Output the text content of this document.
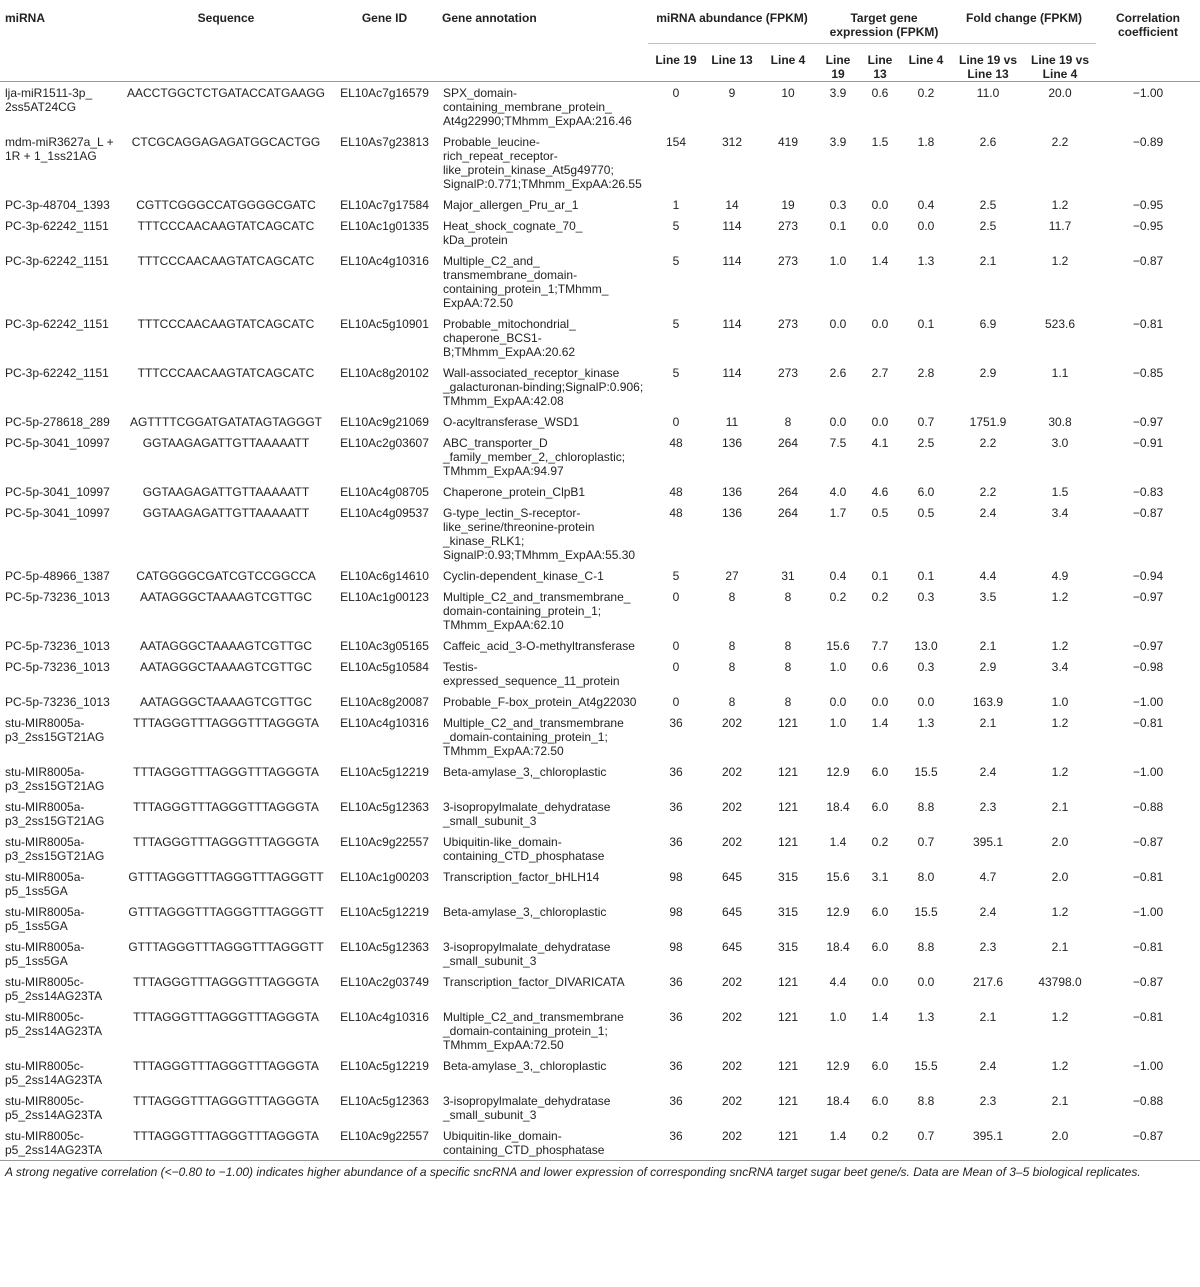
miRNA	Sequence	Gene ID	Gene annotation	miRNA abundance (FPKM)			Target gene expression (FPKM)			Fold change (FPKM)		Correlation coefficient
				Line 19	Line 13	Line 4	Line 19	Line 13	Line 4	Line 19 vs Line 13	Line 19 vs Line 4	
lja-miR1511-3p_ 2ss5AT24CG	AACCTGGCTCTGATACCATGAAGG	EL10Ac7g16579	SPX_domain-containing_membrane_protein_ At4g22990;TMhmm_ExpAA:216.46	0	9	10	3.9	0.6	0.2	11.0	20.0	−1.00
mdm-miR3627a_L + 1R + 1_1ss21AG	CTCGCAGGAGAGATGGCACTGG	EL10As7g23813	Probable_leucine-rich_repeat_receptor-like_protein_kinase_At5g49770; SignalP:0.771;TMhmm_ExpAA:26.55	154	312	419	3.9	1.5	1.8	2.6	2.2	−0.89
PC-3p-48704_1393	CGTTCGGGCCATGGGGCGATC	EL10Ac7g17584	Major_allergen_Pru_ar_1	1	14	19	0.3	0.0	0.4	2.5	1.2	−0.95
PC-3p-62242_1151	TTTCCCAACAAGTATCAGCATC	EL10Ac1g01335	Heat_shock_cognate_70_ kDa_protein	5	114	273	0.1	0.0	0.0	2.5	11.7	−0.95
PC-3p-62242_1151	TTTCCCAACAAGTATCAGCATC	EL10Ac4g10316	Multiple_C2_and_ transmembrane_domain-containing_protein_1;TMhmm_ ExpAA:72.50	5	114	273	1.0	1.4	1.3	2.1	1.2	−0.87
PC-3p-62242_1151	TTTCCCAACAAGTATCAGCATC	EL10Ac5g10901	Probable_mitochondrial_ chaperone_BCS1-B;TMhmm_ExpAA:20.62	5	114	273	0.0	0.0	0.1	6.9	523.6	−0.81
PC-3p-62242_1151	TTTCCCAACAAGTATCAGCATC	EL10Ac8g20102	Wall-associated_receptor_kinase _galacturonan-binding;SignalP:0.906; TMhmm_ExpAA:42.08	5	114	273	2.6	2.7	2.8	2.9	1.1	−0.85
PC-5p-278618_289	AGTTTTCGGATGATATAGTAGGGT	EL10Ac9g21069	O-acyltransferase_WSD1	0	11	8	0.0	0.0	0.7	1751.9	30.8	−0.97
PC-5p-3041_10997	GGTAAGAGATTGTTAAAAATT	EL10Ac2g03607	ABC_transporter_D _family_member_2,_chloroplastic; TMhmm_ExpAA:94.97	48	136	264	7.5	4.1	2.5	2.2	3.0	−0.91
PC-5p-3041_10997	GGTAAGAGATTGTTAAAAATT	EL10Ac4g08705	Chaperone_protein_ClpB1	48	136	264	4.0	4.6	6.0	2.2	1.5	−0.83
PC-5p-3041_10997	GGTAAGAGATTGTTAAAAATT	EL10Ac4g09537	G-type_lectin_S-receptor-like_serine/threonine-protein _kinase_RLK1; SignalP:0.93;TMhmm_ExpAA:55.30	48	136	264	1.7	0.5	0.5	2.4	3.4	−0.87
PC-5p-48966_1387	CATGGGGCGATCGTCCGGCCA	EL10Ac6g14610	Cyclin-dependent_kinase_C-1	5	27	31	0.4	0.1	0.1	4.4	4.9	−0.94
PC-5p-73236_1013	AATAGGGCTAAAAGTCGTTGC	EL10Ac1g00123	Multiple_C2_and_transmembrane_ domain-containing_protein_1; TMhmm_ExpAA:62.10	0	8	8	0.2	0.2	0.3	3.5	1.2	−0.97
PC-5p-73236_1013	AATAGGGCTAAAAGTCGTTGC	EL10Ac3g05165	Caffeic_acid_3-O-methyltransferase	0	8	8	15.6	7.7	13.0	2.1	1.2	−0.97
PC-5p-73236_1013	AATAGGGCTAAAAGTCGTTGC	EL10Ac5g10584	Testis-expressed_sequence_11_protein	0	8	8	1.0	0.6	0.3	2.9	3.4	−0.98
PC-5p-73236_1013	AATAGGGCTAAAAGTCGTTGC	EL10Ac8g20087	Probable_F-box_protein_At4g22030	0	8	8	0.0	0.0	0.0	163.9	1.0	−1.00
stu-MIR8005a-p3_2ss15GT21AG	TTTAGGGTTTAGGGTTTAGGGTA	EL10Ac4g10316	Multiple_C2_and_transmembrane _domain-containing_protein_1; TMhmm_ExpAA:72.50	36	202	121	1.0	1.4	1.3	2.1	1.2	−0.81
stu-MIR8005a-p3_2ss15GT21AG	TTTAGGGTTTAGGGTTTAGGGTA	EL10Ac5g12219	Beta-amylase_3,_chloroplastic	36	202	121	12.9	6.0	15.5	2.4	1.2	−1.00
stu-MIR8005a-p3_2ss15GT21AG	TTTAGGGTTTAGGGTTTAGGGTA	EL10Ac5g12363	3-isopropylmalate_dehydratase _small_subunit_3	36	202	121	18.4	6.0	8.8	2.3	2.1	−0.88
stu-MIR8005a-p3_2ss15GT21AG	TTTAGGGTTTAGGGTTTAGGGTA	EL10Ac9g22557	Ubiquitin-like_domain-containing_CTD_phosphatase	36	202	121	1.4	0.2	0.7	395.1	2.0	−0.87
stu-MIR8005a-p5_1ss5GA	GTTTAGGGTTTAGGGTTTAGGGTT	EL10Ac1g00203	Transcription_factor_bHLH14	98	645	315	15.6	3.1	8.0	4.7	2.0	−0.81
stu-MIR8005a-p5_1ss5GA	GTTTAGGGTTTAGGGTTTAGGGTT	EL10Ac5g12219	Beta-amylase_3,_chloroplastic	98	645	315	12.9	6.0	15.5	2.4	1.2	−1.00
stu-MIR8005a-p5_1ss5GA	GTTTAGGGTTTAGGGTTTAGGGTT	EL10Ac5g12363	3-isopropylmalate_dehydratase _small_subunit_3	98	645	315	18.4	6.0	8.8	2.3	2.1	−0.81
stu-MIR8005c-p5_2ss14AG23TA	TTTAGGGTTTAGGGTTTAGGGTA	EL10Ac2g03749	Transcription_factor_DIVARICATA	36	202	121	4.4	0.0	0.0	217.6	43798.0	−0.87
stu-MIR8005c-p5_2ss14AG23TA	TTTAGGGTTTAGGGTTTAGGGTA	EL10Ac4g10316	Multiple_C2_and_transmembrane _domain-containing_protein_1; TMhmm_ExpAA:72.50	36	202	121	1.0	1.4	1.3	2.1	1.2	−0.81
stu-MIR8005c-p5_2ss14AG23TA	TTTAGGGTTTAGGGTTTAGGGTA	EL10Ac5g12219	Beta-amylase_3,_chloroplastic	36	202	121	12.9	6.0	15.5	2.4	1.2	−1.00
stu-MIR8005c-p5_2ss14AG23TA	TTTAGGGTTTAGGGTTTAGGGTA	EL10Ac5g12363	3-isopropylmalate_dehydratase _small_subunit_3	36	202	121	18.4	6.0	8.8	2.3	2.1	−0.88
stu-MIR8005c-p5_2ss14AG23TA	TTTAGGGTTTAGGGTTTAGGGTA	EL10Ac9g22557	Ubiquitin-like_domain-containing_CTD_phosphatase	36	202	121	1.4	0.2	0.7	395.1	2.0	−0.87
A strong negative correlation (<−0.80 to −1.00) indicates higher abundance of a specific sncRNA and lower expression of corresponding sncRNA target sugar beet gene/s. Data are Mean of 3–5 biological replicates.
